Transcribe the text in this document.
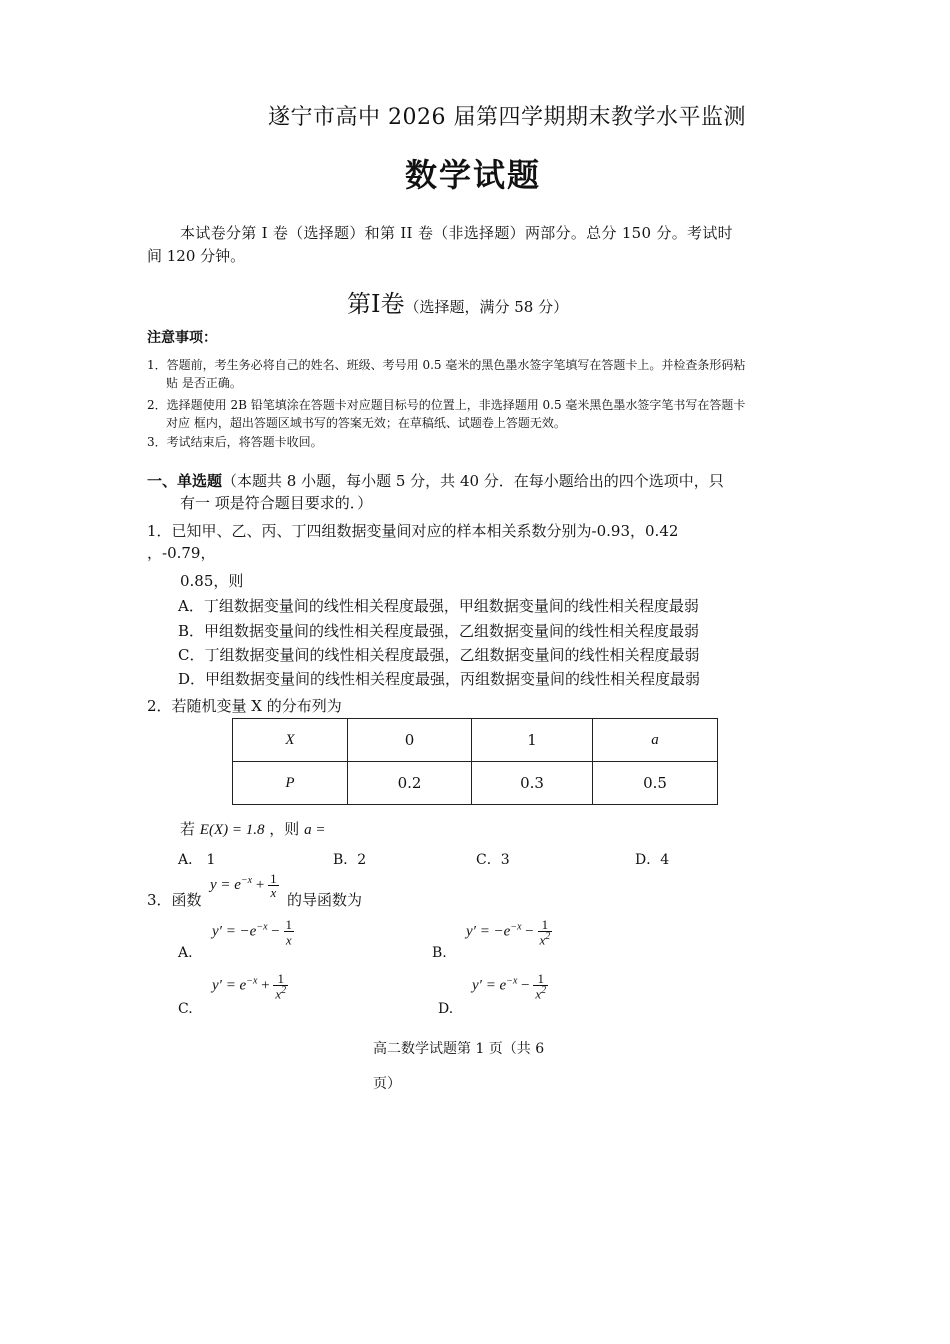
遂宁市高中 2026 届第四学期期末教学水平监测
数学试题
本试卷分第 I 卷（选择题）和第 II 卷（非选择题）两部分。总分 150 分。考试时
间 120 分钟。
第Ⅰ卷（选择题，满分 58 分）
注意事项：
1．答题前，考生务必将自己的姓名、班级、考号用 0.5 毫米的黑色墨水签字笔填写在答题卡上。并检查条形码粘
贴 是否正确。
2．选择题使用 2B 铅笔填涂在答题卡对应题目标号的位置上，非选择题用 0.5 毫米黑色墨水签字笔书写在答题卡
对应 框内，超出答题区域书写的答案无效；在草稿纸、试题卷上答题无效。
3．考试结束后，将答题卡收回。
一、单选题（本题共 8 小题，每小题 5 分，共 40 分．在每小题给出的四个选项中，只
有一 项是符合题目要求的．）
1．已知甲、乙、丙、丁四组数据变量间对应的样本相关系数分别为-0.93，0.42
，-0.79，
0.85，则
A．丁组数据变量间的线性相关程度最强，甲组数据变量间的线性相关程度最弱
B．甲组数据变量间的线性相关程度最强，乙组数据变量间的线性相关程度最弱
C．丁组数据变量间的线性相关程度最强，乙组数据变量间的线性相关程度最弱
D．甲组数据变量间的线性相关程度最强，丙组数据变量间的线性相关程度最弱
2．若随机变量 X 的分布列为
X	0	1	a
P	0.2	0.3	0.5
若 E(X) = 1.8 ，则 a =
A． 1	B．2	C．3	D．4
3．函数
$y = e^{-x} + \frac{1}{x}$
的导函数为
A.
$y' = -e^{-x} - \frac{1}{x}$
B.
$y' = -e^{-x} - \frac{1}{x^2}$
C.
$y' = e^{-x} + \frac{1}{x^2}$
D.
$y' = e^{-x} - \frac{1}{x^2}$
高二数学试题第 1 页（共 6
页）
